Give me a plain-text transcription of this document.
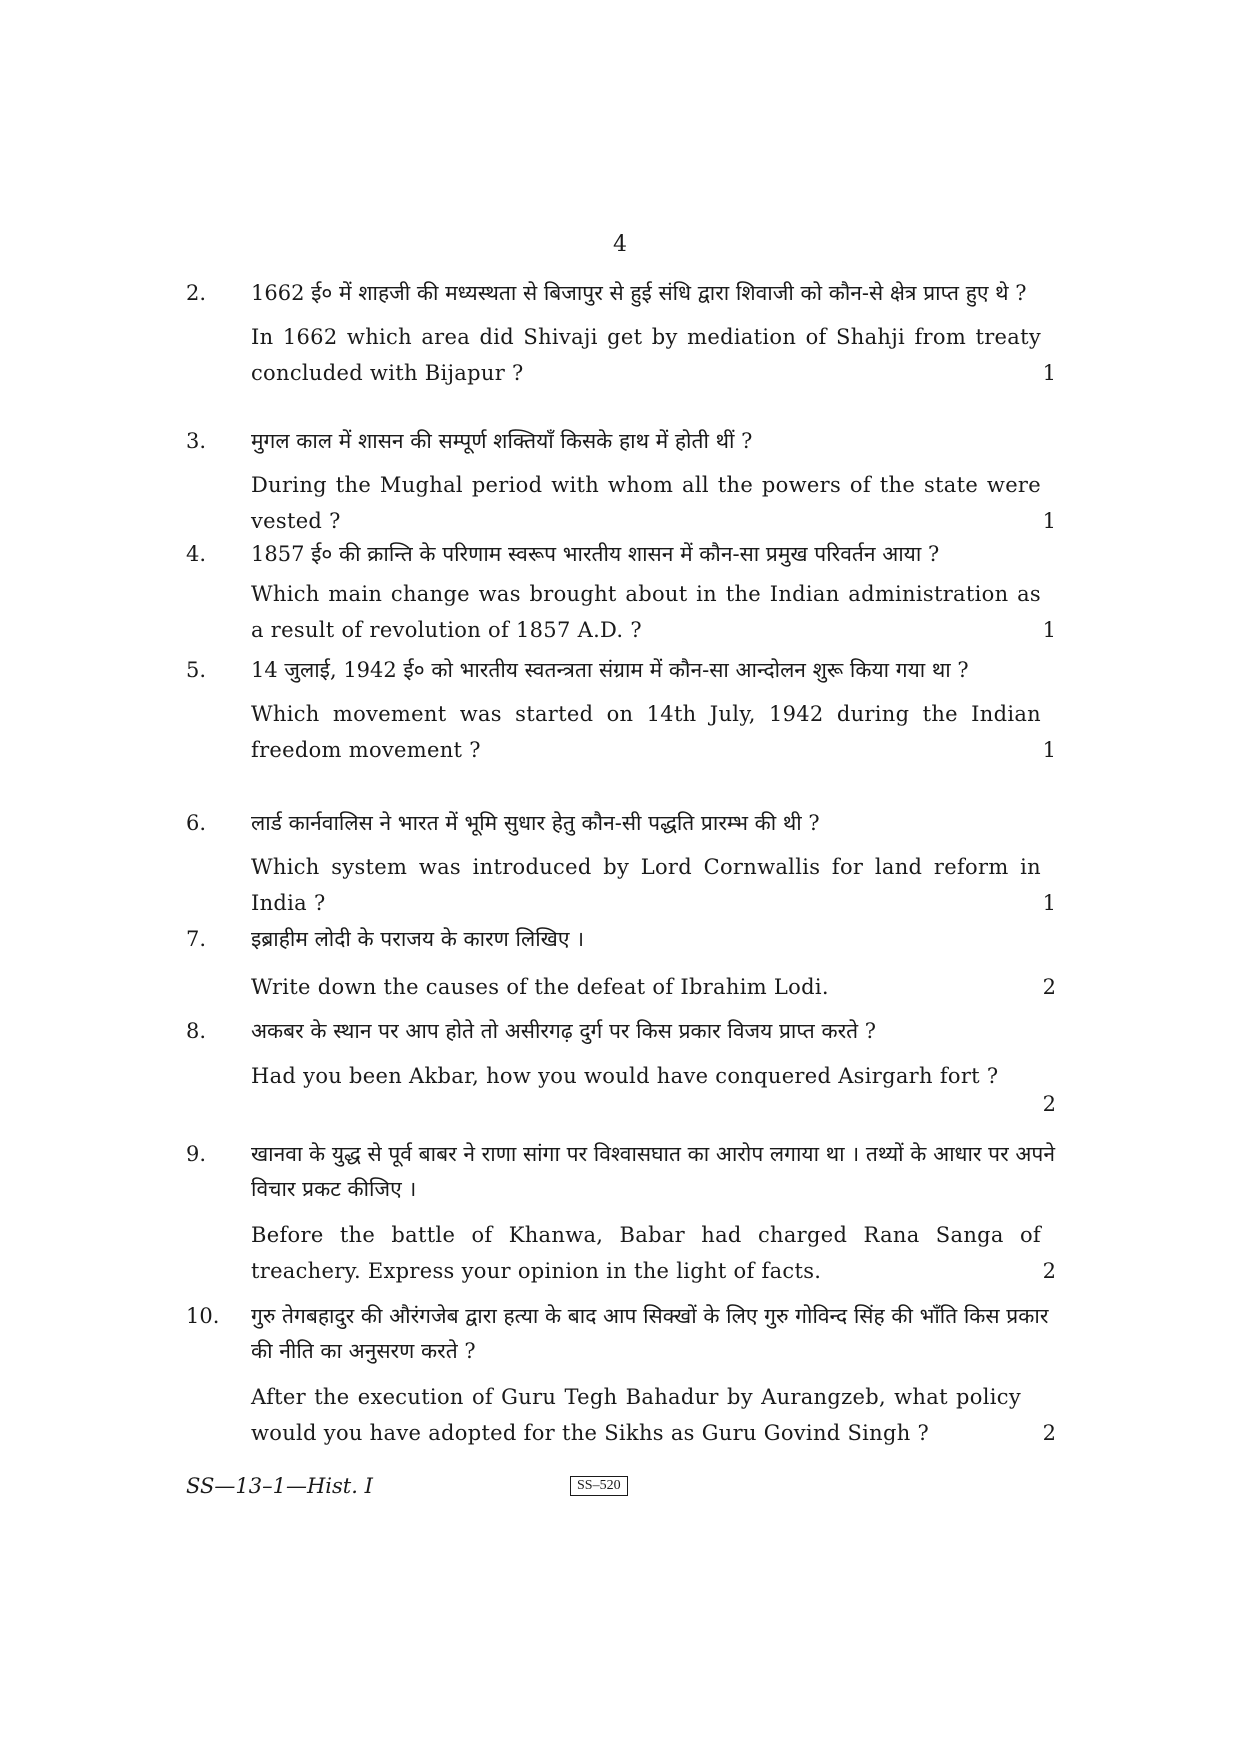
4
2.	1662 ई० में शाहजी की मध्यस्थता से बिजापुर से हुई संधि द्वारा शिवाजी को कौन-से क्षेत्र प्राप्त हुए थे ?

In 1662 which area did Shivaji get by mediation of Shahji from treaty concluded with Bijapur ?	1
3.	मुगल काल में शासन की सम्पूर्ण शक्तियाँ किसके हाथ में होती थीं ?

During the Mughal period with whom all the powers of the state were vested ?	1
4.	1857 ई० की क्रान्ति के परिणाम स्वरूप भारतीय शासन में कौन-सा प्रमुख परिवर्तन आया ?

Which main change was brought about in the Indian administration as a result of revolution of 1857 A.D. ?	1
5.	14 जुलाई, 1942 ई० को भारतीय स्वतन्त्रता संग्राम में कौन-सा आन्दोलन शुरू किया गया था ?

Which movement was started on 14th July, 1942 during the Indian freedom movement ?	1
6.	लार्ड कार्नवालिस ने भारत में भूमि सुधार हेतु कौन-सी पद्धति प्रारम्भ की थी ?

Which system was introduced by Lord Cornwallis for land reform in India ?	1
7.	इब्राहीम लोदी के पराजय के कारण लिखिए ।

Write down the causes of the defeat of Ibrahim Lodi.	2
8.	अकबर के स्थान पर आप होते तो असीरगढ़ दुर्ग पर किस प्रकार विजय प्राप्त करते ?

Had you been Akbar, how you would have conquered Asirgarh fort ?

2
9.	खानवा के युद्ध से पूर्व बाबर ने राणा सांगा पर विश्वासघात का आरोप लगाया था । तथ्यों के आधार पर अपने विचार प्रकट कीजिए ।

Before the battle of Khanwa, Babar had charged Rana Sanga of treachery. Express your opinion in the light of facts.	2
10.	गुरु तेगबहादुर की औरंगजेब द्वारा हत्या के बाद आप सिक्खों के लिए गुरु गोविन्द सिंह की भाँति किस प्रकार की नीति का अनुसरण करते ?

After the execution of Guru Tegh Bahadur by Aurangzeb, what policy would you have adopted for the Sikhs as Guru Govind Singh ?	2
SS—13–1—Hist. I	SS–520
